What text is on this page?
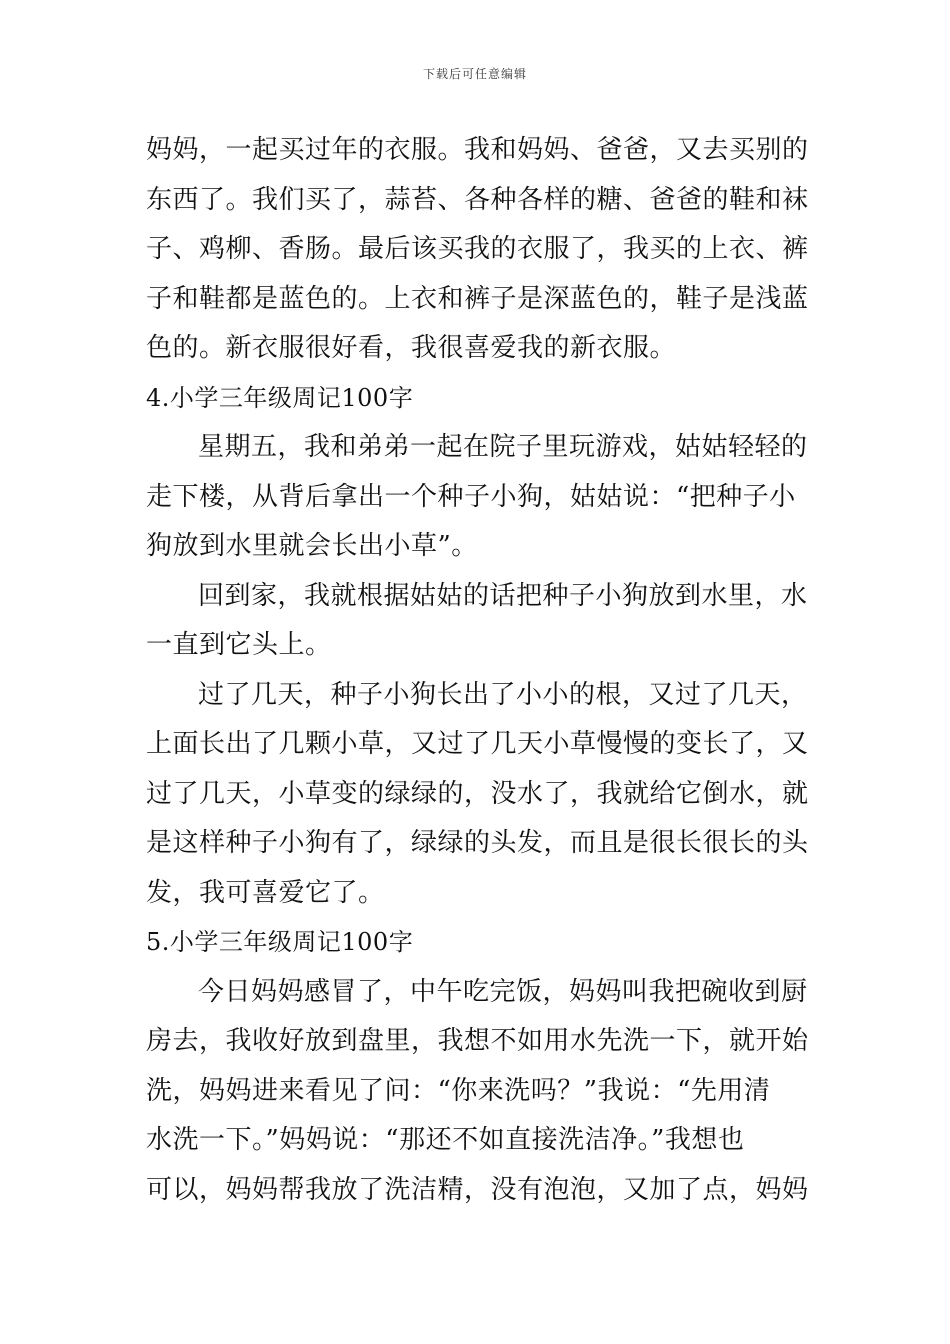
下载后可任意编辑
妈妈，一起买过年的衣服。我和妈妈、爸爸，又去买别的
东西了。我们买了，蒜苔、各种各样的糖、爸爸的鞋和袜
子、鸡柳、香肠。最后该买我的衣服了，我买的上衣、裤
子和鞋都是蓝色的。上衣和裤子是深蓝色的，鞋子是浅蓝
色的。新衣服很好看，我很喜爱我的新衣服。
4.小学三年级周记100字
星期五，我和弟弟一起在院子里玩游戏，姑姑轻轻的
走下楼，从背后拿出一个种子小狗，姑姑说：“把种子小
狗放到水里就会长出小草”。
回到家，我就根据姑姑的话把种子小狗放到水里，水
一直到它头上。
过了几天，种子小狗长出了小小的根，又过了几天，
上面长出了几颗小草，又过了几天小草慢慢的变长了，又
过了几天，小草变的绿绿的，没水了，我就给它倒水，就
是这样种子小狗有了，绿绿的头发，而且是很长很长的头
发，我可喜爱它了。
5.小学三年级周记100字
今日妈妈感冒了，中午吃完饭，妈妈叫我把碗收到厨
房去，我收好放到盘里，我想不如用水先洗一下，就开始
洗，妈妈进来看见了问：“你来洗吗？”我说：“先用清
水洗一下。”妈妈说：“那还不如直接洗洁净。”我想也
可以，妈妈帮我放了洗洁精，没有泡泡，又加了点，妈妈
